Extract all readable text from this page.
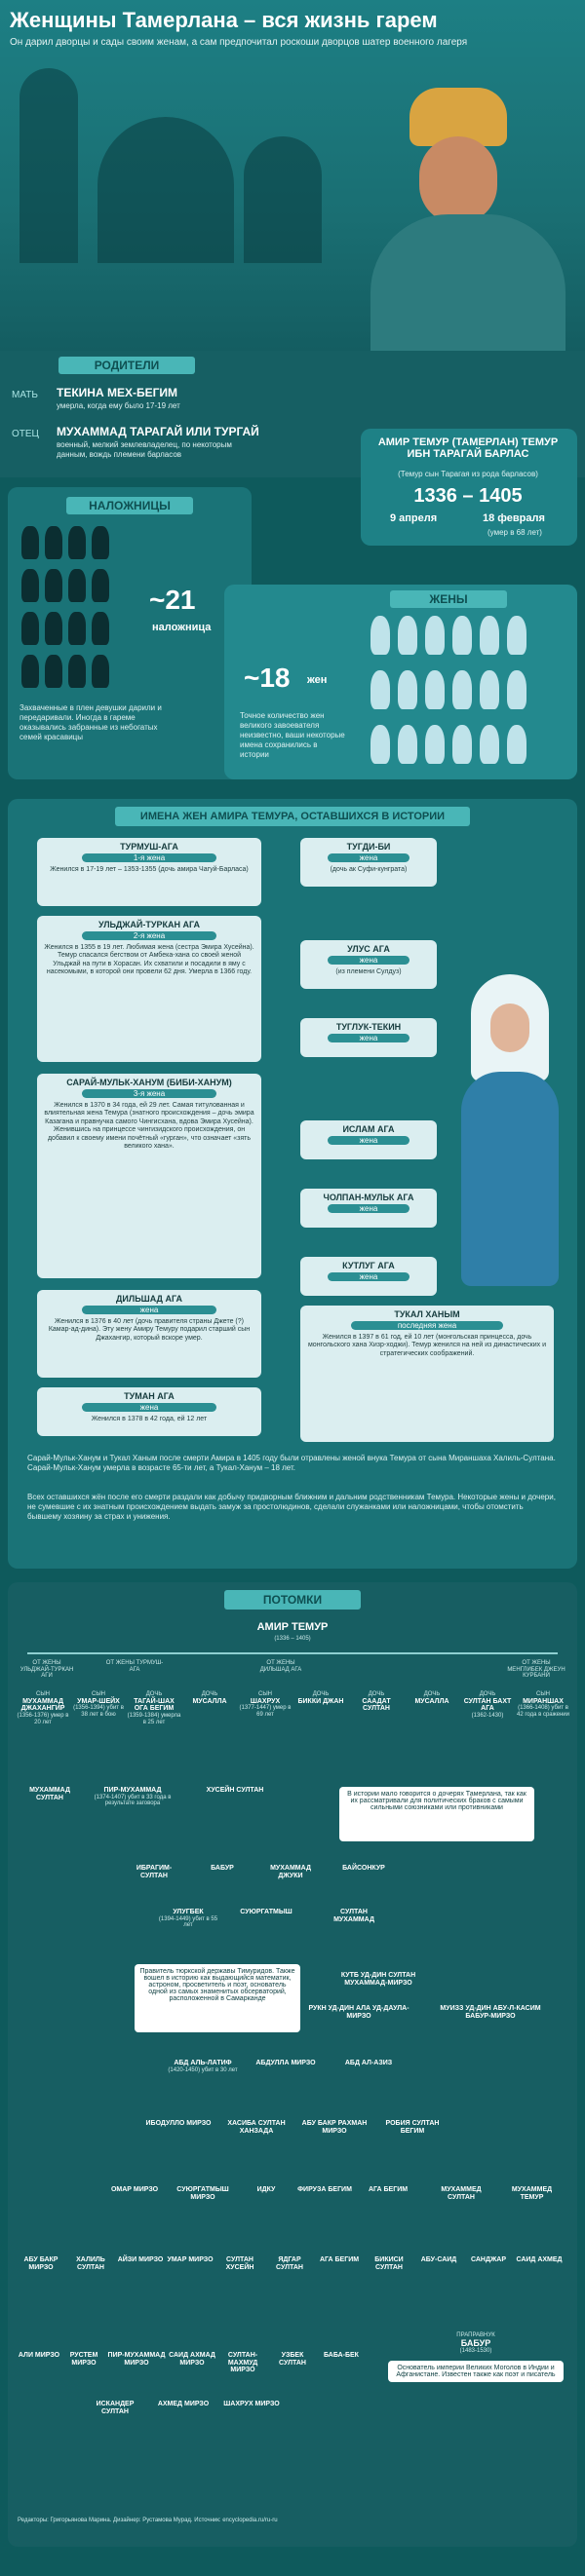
Женщины Тамерлана – вся жизнь гарем
Он дарил дворцы и сады своим женам, а сам предпочитал роскоши дворцов шатер военного лагеря
РОДИТЕЛИ
МАТЬ ТЕКИНА МЕХ-БЕГИМ
умерла, когда ему было 17-19 лет
ОТЕЦ МУХАММАД ТАРАГАЙ ИЛИ ТУРГАЙ
военный, мелкий землевладелец, по некоторым данным, вождь племени барласов
НАЛОЖНИЦЫ
~21
наложница
Захваченные в плен девушки дарили и передаривали. Иногда в гареме оказывались забранные из небогатых семей красавицы
АМИР ТЕМУР (ТАМЕРЛАН) ТЕМУР ИБН ТАРАГАЙ БАРЛАС
(Темур сын Тарагая из рода барласов)
1336 – 1405
9 апреля	18 февраля
(умер в 68 лет)
ЖЕНЫ
~18 жен
Точное количество жен великого завоевателя неизвестно, ваши некоторые имена сохранились в истории
ИМЕНА ЖЕН АМИРА ТЕМУРА, ОСТАВШИХСЯ В ИСТОРИИ
ТУРМУШ-АГА
1-я жена

Женился в 17-19 лет – 1353-1355 (дочь амира Чагуй-Барласа)

УЛЬДЖАЙ-ТУРКАН АГА
2-я жена

Женился в 1355 в 19 лет. Любимая жена (сестра Эмира Хусейна). Темур спасался бегством от Амбека-хана со своей женой Ульджай на пути в Хорасан. Их схватили и посадили в яму с насекомыми, в которой они провели 62 дня. Умерла в 1366 году.

САРАЙ-МУЛЬК-ХАНУМ (БИБИ-ХАНУМ)
3-я жена

Женился в 1370 в 34 года, ей 29 лет. Самая титулованная и влиятельная жена Темура (знатного происхождения – дочь эмира Казагана и правнучка самого Чингисхана, вдова Эмира Хусейна). Женившись на принцессе чингизидского происхождения, он добавил к своему имени почётный «гурган», что означает «зять великого хана».

ДИЛЬШАД АГА
жена

Женился в 1376 в 40 лет (дочь правителя страны Джете (?) Камар-ад-дина). Эту жену Амиру Темуру подарил старший сын Джахангир, который вскоре умер.

ТУМАН АГА
жена

Женился в 1378 в 42 года, ей 12 лет

ТУГДИ-БИ
жена

(дочь ак Суфи-кунграта)

УЛУС АГА
жена

(из племени Сулдуз)

ТУГЛУК-ТЕКИН
жена
ИСЛАМ АГА
жена
ЧОЛПАН-МУЛЬК АГА
жена
КУТЛУГ АГА
жена
ТУКАЛ ХАНЫМ
последняя жена

Женился в 1397 в 61 год, ей 10 лет (монгольская принцесса, дочь монгольского хана Хизр-ходжи). Темур женился на ней из династических и стратегических соображений.

Сарай-Мульк-Ханум и Тукал Ханым после смерти Амира в 1405 году были отравлены женой внука Темура от сына Мираншаха Халиль-Султана. Сарай-Мульк-Ханум умерла в возрасте 65-ти лет, а Тукал-Ханум – 18 лет.
Всех оставшихся жён после его смерти раздали как добычу придворным ближним и дальним родственникам Темура. Некоторые жены и дочери, не сумевшие с их знатным происхождением выдать замуж за простолюдинов, сделали служанками или наложницами, чтобы отомстить бывшему хозяину за страх и унижения.
ПОТОМКИ
АМИР ТЕМУР
(1336 – 1405)
ОТ ЖЕНЫ УЛЬДЖАЙ-ТУРКАН АГИ
ОТ ЖЕНЫ ТУРМУШ-АГА
ОТ ЖЕНЫ ДИЛЬШАД АГА
ОТ ЖЕНЫ МЕНГЛИБЕК ДЖЕУН КУРБАНИ
СЫН
МУХАММАД ДЖАХАНГИР
(1356-1376) умер в 20 лет
СЫН
УМАР-ШЕЙХ
(1356-1394) убит в 38 лет в бою
ДОЧЬ
ТАГАЙ-ШАХ ОГА БЕГИМ
(1359-1384) умерла в 25 лет
ДОЧЬ
МУСАЛЛА
СЫН
ШАХРУХ
(1377-1447) умер в 69 лет
ДОЧЬ
БИККИ ДЖАН
ДОЧЬ
СААДАТ СУЛТАН
ДОЧЬ
МУСАЛЛА
ДОЧЬ
СУЛТАН БАХТ АГА
(1362-1430)
СЫН
МИРАНШАХ
(1366-1408) убит в 42 года в сражении
В истории мало говорится о дочерях Тамерлана, так как их рассматривали для политических браков с самыми сильными союзниками или противниками
МУХАММАД СУЛТАН
ПИР-МУХАММАД
(1374-1407) убит в 33 года в результате заговора
ХУСЕЙН СУЛТАН
ИБРАГИМ-СУЛТАН
БАБУР	МУХАММАД ДЖУКИ
БАЙСОНКУР
УЛУГБЕК
(1394-1449) убит в 55 лет
СУЮРГАТМЫШ	СУЛТАН МУХАММАД
Правитель тюркской державы Тимуридов. Также вошел в историю как выдающийся математик, астроном, просветитель и поэт, основатель одной из самых знаменитых обсерваторий, расположенной в Самарканде
КУТБ УД-ДИН СУЛТАН МУХАММАД-МИРЗО
РУКН УД-ДИН АЛА УД-ДАУЛА-МИРЗО
МУИЗЗ УД-ДИН АБУ-Л-КАСИМ БАБУР-МИРЗО
АБД АЛЬ-ЛАТИФ
(1420-1450) убит в 30 лет
АБДУЛЛА МИРЗО	АБД АЛ-АЗИЗ
ИБОДУЛЛО МИРЗО	ХАСИБА СУЛТАН ХАНЗАДА
АБУ БАКР РАХМАН МИРЗО
РОБИЯ СУЛТАН БЕГИМ
ОМАР МИРЗО	СУЮРГАТМЫШ МИРЗО
ИДКУ	ФИРУЗА БЕГИМ	АГА БЕГИМ	МУХАММЕД СУЛТАН
МУХАММЕД ТЕМУР
АБУ БАКР МИРЗО
ХАЛИЛЬ СУЛТАН
АЙЗИ МИРЗО УМАР МИРЗО	СУЛТАН ХУСЕЙН
ЯДГАР СУЛТАН
АГА БЕГИМ	БИКИСИ СУЛТАН
АБУ-САИД	САНДЖАР	САИД АХМЕД
АЛИ МИРЗО	РУСТЕМ МИРЗО
ПИР-МУХАММАД МИРЗО
САИД АХМАД МИРЗО
СУЛТАН-МАХМУД МИРЗО
УЗБЕК СУЛТАН
БАБА-БЕК
ИСКАНДЕР СУЛТАН
АХМЕД МИРЗО	ШАХРУХ МИРЗО
ПРАПРАВНУК
БАБУР
(1483-1530)
Основатель империи Великих Моголов в Индии и Афганистане. Известен также как поэт и писатель
Редакторы: Григорьянова Марина. Дизайнер: Рустамова Мурад. Источник: encyclopedia.ru/ru-ru
